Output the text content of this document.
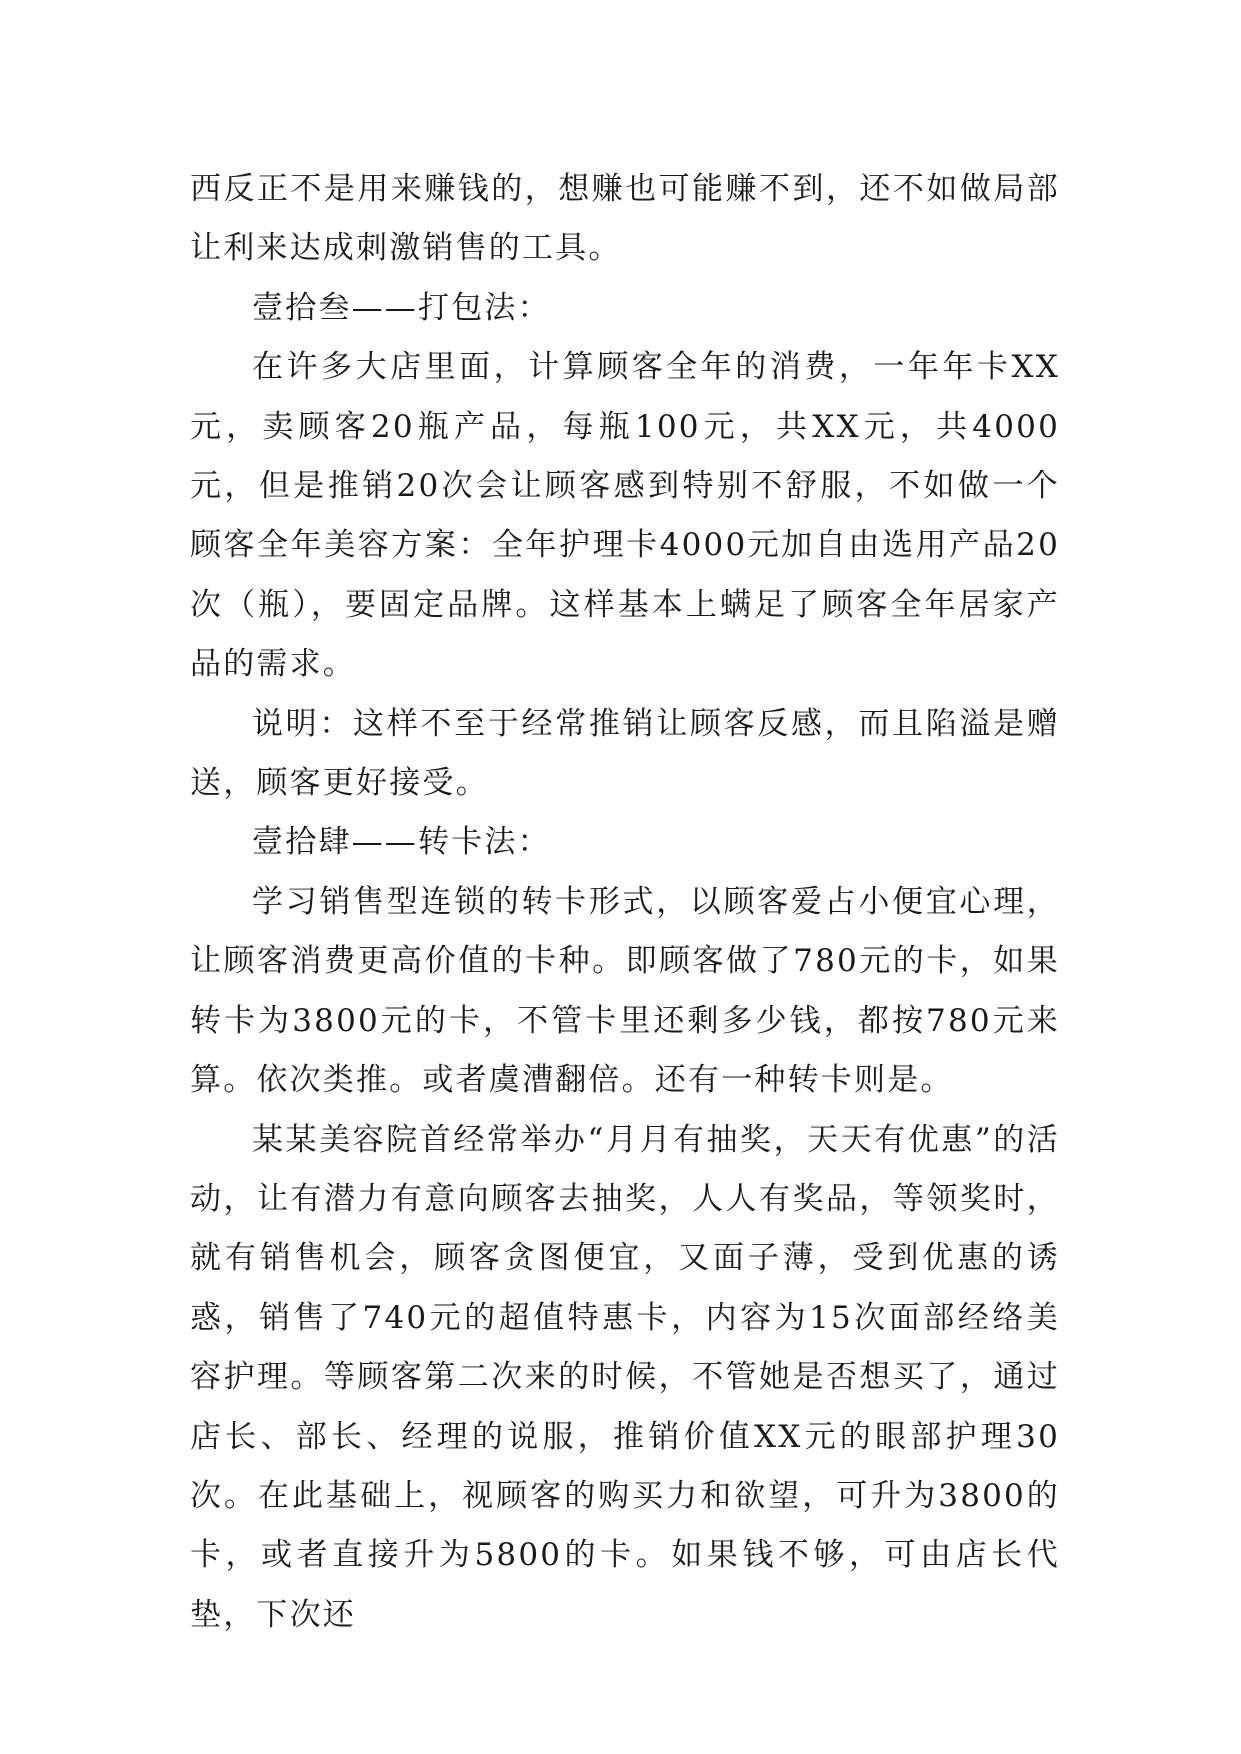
西反正不是用来赚钱的，想赚也可能赚不到，还不如做局部让利来达成刺激销售的工具。

壹拾叁——打包法：

在许多大店里面，计算顾客全年的消费，一年年卡XX元，卖顾客20瓶产品，每瓶100元，共XX元，共4000元，但是推销20次会让顾客感到特别不舒服，不如做一个顾客全年美容方案：全年护理卡4000元加自由选用产品20次（瓶），要固定品牌。这样基本上螨足了顾客全年居家产品的需求。

说明：这样不至于经常推销让顾客反感，而且陷溢是赠送，顾客更好接受。

壹拾肆——转卡法：

学习销售型连锁的转卡形式，以顾客爱占小便宜心理，让顾客消费更高价值的卡种。即顾客做了780元的卡，如果转卡为3800元的卡，不管卡里还剩多少钱，都按780元来算。依次类推。或者虞漕翻倍。还有一种转卡则是。

某某美容院首经常举办“月月有抽奖，天天有优惠”的活动，让有潜力有意向顾客去抽奖，人人有奖品，等领奖时，就有销售机会，顾客贪图便宜，又面子薄，受到优惠的诱惑，销售了740元的超值特惠卡，内容为15次面部经络美容护理。等顾客第二次来的时候，不管她是否想买了，通过店长、部长、经理的说服，推销价值XX元的眼部护理30次。在此基础上，视顾客的购买力和欲望，可升为3800的卡，或者直接升为5800的卡。如果钱不够，可由店长代垫，下次还
